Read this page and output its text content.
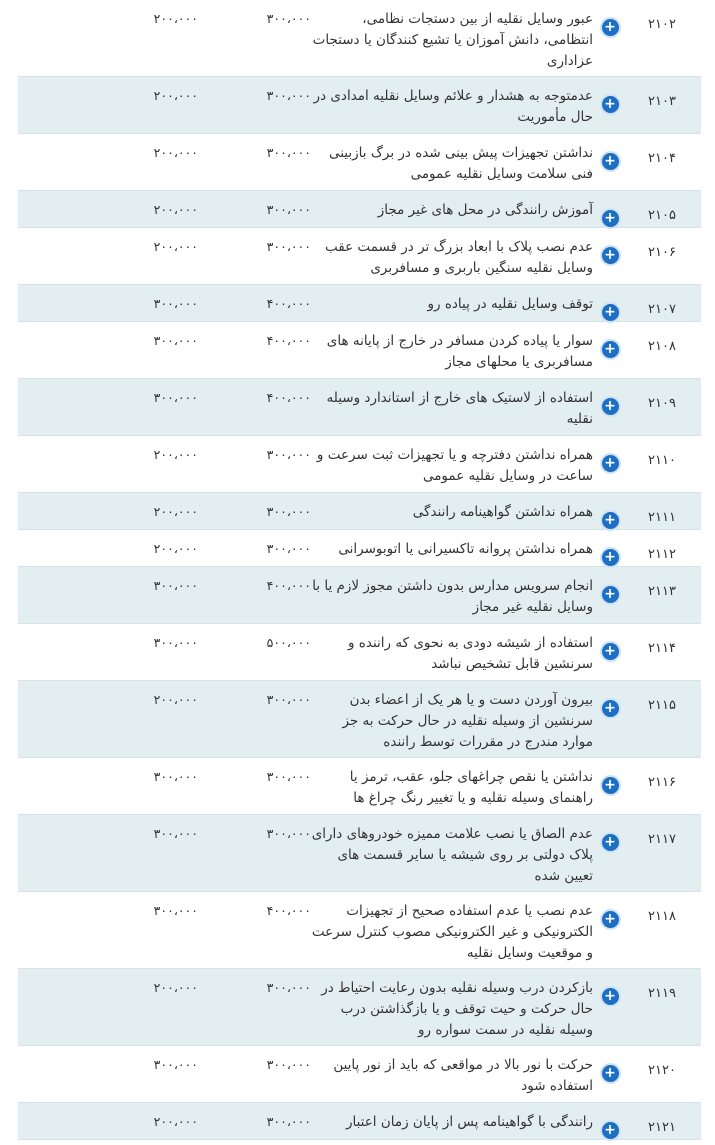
۲۱۰۲
+
عبور وسایل نقلیه از بین دستجات نظامی، انتظامی، دانش آموزان یا تشیع کنندگان یا دستجات عزاداری
۳۰۰،۰۰۰
۲۰۰،۰۰۰
۲۱۰۳
+
عدمتوجه به هشدار و علائم وسایل نقلیه امدادی در حال مأموریت
۳۰۰،۰۰۰
۲۰۰،۰۰۰
۲۱۰۴
+
نداشتن تجهیزات پیش بینی شده در برگ بازبینی فنی سلامت وسایل نقلیه عمومی
۳۰۰،۰۰۰
۲۰۰،۰۰۰
۲۱۰۵
+
آموزش رانندگی در محل های غیر مجاز
۳۰۰،۰۰۰
۲۰۰،۰۰۰
۲۱۰۶
+
عدم نصب پلاک با ابعاد بزرگ تر در قسمت عقب وسایل نقلیه سنگین باربری و مسافربری
۳۰۰،۰۰۰
۲۰۰،۰۰۰
۲۱۰۷
+
توقف وسایل نقلیه در پیاده رو
۴۰۰،۰۰۰
۳۰۰،۰۰۰
۲۱۰۸
+
سوار یا پیاده کردن مسافر در خارج از پایانه های مسافربری یا محلهای مجاز
۴۰۰،۰۰۰
۳۰۰،۰۰۰
۲۱۰۹
+
استفاده از لاستیک های خارج از استاندارد وسیله نقلیه
۴۰۰،۰۰۰
۳۰۰،۰۰۰
۲۱۱۰
+
همراه نداشتن دفترچه و یا تجهیزات ثبت سرعت و ساعت در وسایل نقلیه عمومی
۳۰۰،۰۰۰
۲۰۰،۰۰۰
۲۱۱۱
+
همراه نداشتن گواهینامه رانندگی
۳۰۰،۰۰۰
۲۰۰،۰۰۰
۲۱۱۲
+
همراه نداشتن پروانه تاکسیرانی یا اتوبوسرانی
۳۰۰،۰۰۰
۲۰۰،۰۰۰
۲۱۱۳
+
انجام سرویس مدارس بدون داشتن مجوز لازم یا با وسایل نقلیه غیر مجاز
۴۰۰،۰۰۰
۳۰۰،۰۰۰
۲۱۱۴
+
استفاده از شیشه دودی به نحوی که راننده و سرنشین قابل تشخیص نباشد
۵۰۰،۰۰۰
۳۰۰،۰۰۰
۲۱۱۵
+
بیرون آوردن دست و یا هر یک از اعضاء بدن سرنشین از وسیله نقلیه در حال حرکت به جز موارد مندرج در مقررات توسط راننده
۳۰۰،۰۰۰
۲۰۰،۰۰۰
۲۱۱۶
+
نداشتن یا نقص چراغهای جلو، عقب، ترمز یا راهنمای وسیله نقلیه و یا تغییر رنگ چراغ ها
۳۰۰،۰۰۰
۳۰۰،۰۰۰
۲۱۱۷
+
عدم الصاق یا نصب علامت ممیزه خودروهای دارای پلاک دولتی بر روی شیشه یا سایر قسمت های تعیین شده
۳۰۰،۰۰۰
۳۰۰،۰۰۰
۲۱۱۸
+
عدم نصب یا عدم استفاده صحیح از تجهیزات الکترونیکی و غیر الکترونیکی مصوب کنترل سرعت و موقعیت وسایل نقلیه
۴۰۰،۰۰۰
۳۰۰،۰۰۰
۲۱۱۹
+
بازکردن درب وسیله نقلیه بدون رعایت احتیاط در حال حرکت و حیت توقف و یا بازگذاشتن درب وسیله نقلیه در سمت سواره رو
۳۰۰،۰۰۰
۲۰۰،۰۰۰
۲۱۲۰
+
حرکت با نور بالا در مواقعی که باید از نور پایین استفاده شود
۳۰۰،۰۰۰
۳۰۰،۰۰۰
۲۱۲۱
+
رانندگی با گواهینامه پس از پایان زمان اعتبار
۳۰۰،۰۰۰
۲۰۰،۰۰۰
